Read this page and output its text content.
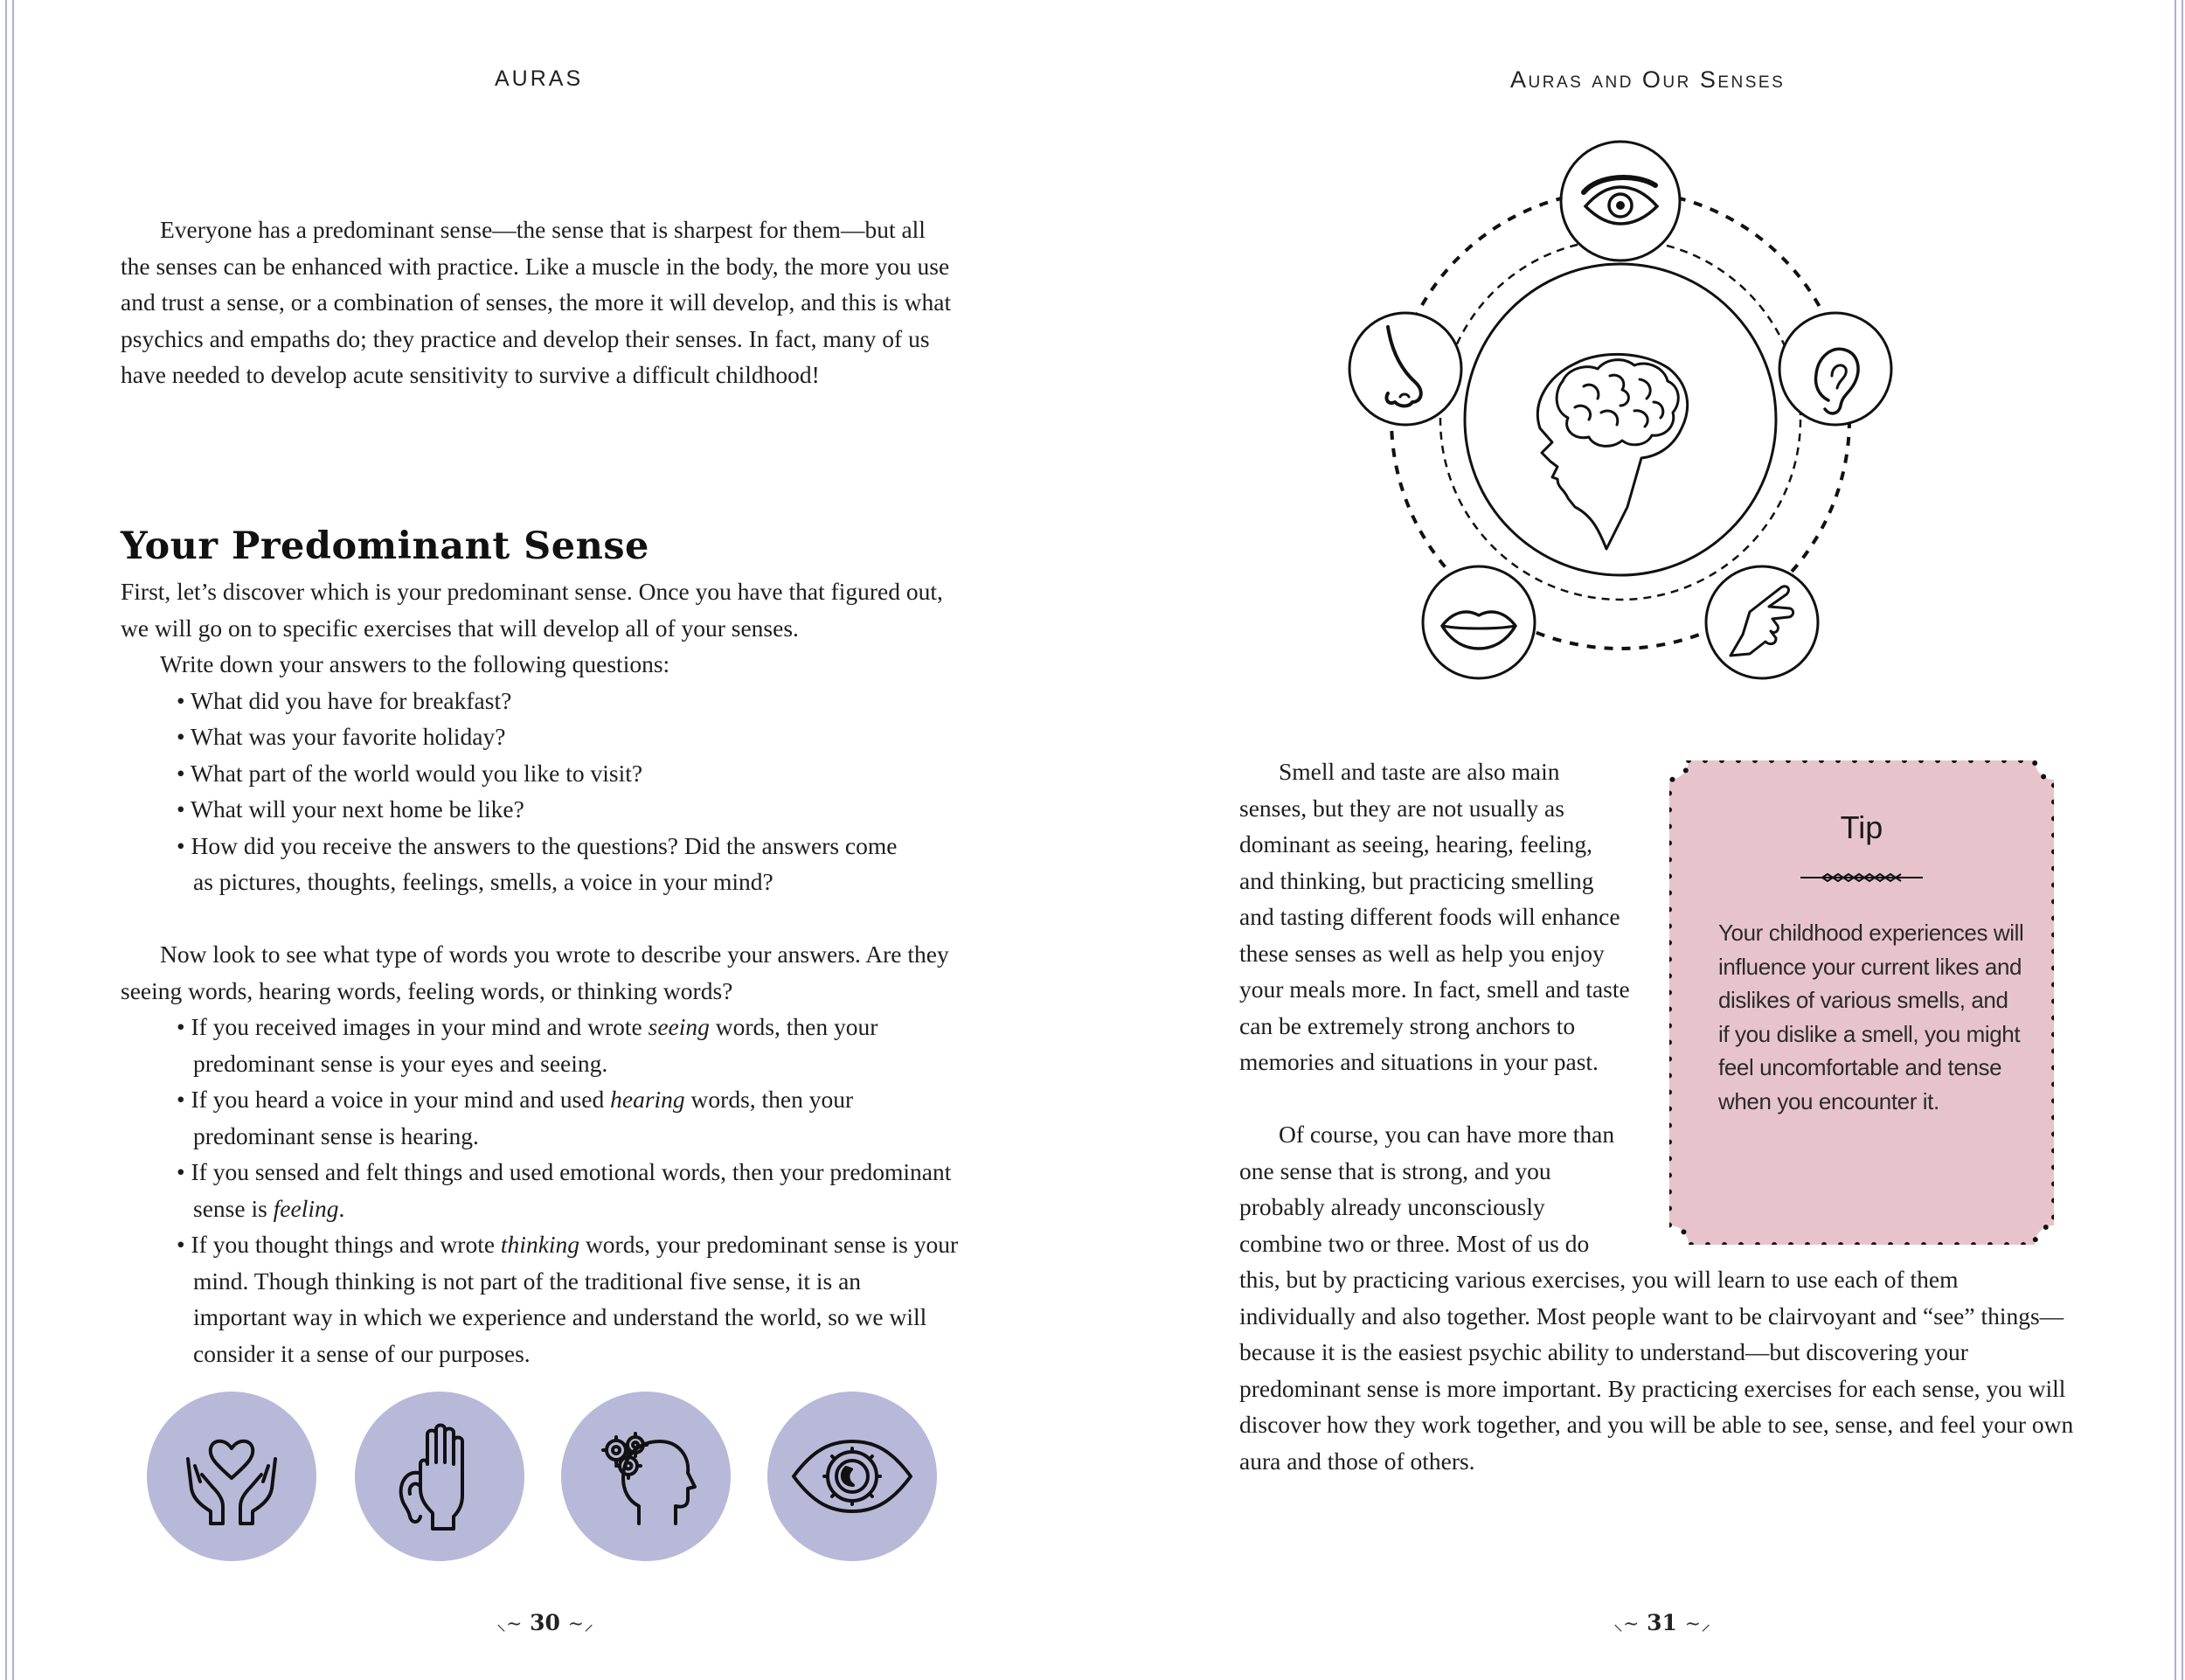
AURAS

Everyone has a predominant sense—the sense that is sharpest for them—but all the senses can be enhanced with practice. Like a muscle in the body, the more you use and trust a sense, or a combination of senses, the more it will develop, and this is what psychics and empaths do; they practice and develop their senses. In fact, many of us have needed to develop acute sensitivity to survive a difficult childhood!

Your Predominant Sense

First, let’s discover which is your predominant sense. Once you have that figured out, we will go on to specific exercises that will develop all of your senses.

Write down your answers to the following questions:

• What did you have for breakfast?

• What was your favorite holiday?

• What part of the world would you like to visit?

• What will your next home be like?

• How did you receive the answers to the questions? Did the answers come as pictures, thoughts, feelings, smells, a voice in your mind?

Now look to see what type of words you wrote to describe your answers. Are they seeing words, hearing words, feeling words, or thinking words?

• If you received images in your mind and wrote seeing words, then your predominant sense is your eyes and seeing.

• If you heard a voice in your mind and used hearing words, then your predominant sense is hearing.

• If you sensed and felt things and used emotional words, then your predominant sense is feeling.

• If you thought things and wrote thinking words, your predominant sense is your mind. Though thinking is not part of the traditional five sense, it is an important way in which we experience and understand the world, so we will consider it a sense of our purposes.

⸜~ 30 ~⸝
Auras and Our Senses

Smell and taste are also main senses, but they are not usually as dominant as seeing, hearing, feeling, and thinking, but practicing smelling and tasting different foods will enhance these senses as well as help you enjoy your meals more. In fact, smell and taste can be extremely strong anchors to memories and situations in your past.

Of course, you can have more than one sense that is strong, and you probably already unconsciously combine two or three. Most of us do

this, but by practicing various exercises, you will learn to use each of them individually and also together. Most people want to be clairvoyant and “see” things—because it is the easiest psychic ability to understand—but discovering your predominant sense is more important. By practicing exercises for each sense, you will discover how they work together, and you will be able to see, sense, and feel your own aura and those of others.

Tip
Your childhood experiences will influence your current likes and dislikes of various smells, and if you dislike a smell, you might feel uncomfortable and tense when you encounter it.
⸜~ 31 ~⸝
